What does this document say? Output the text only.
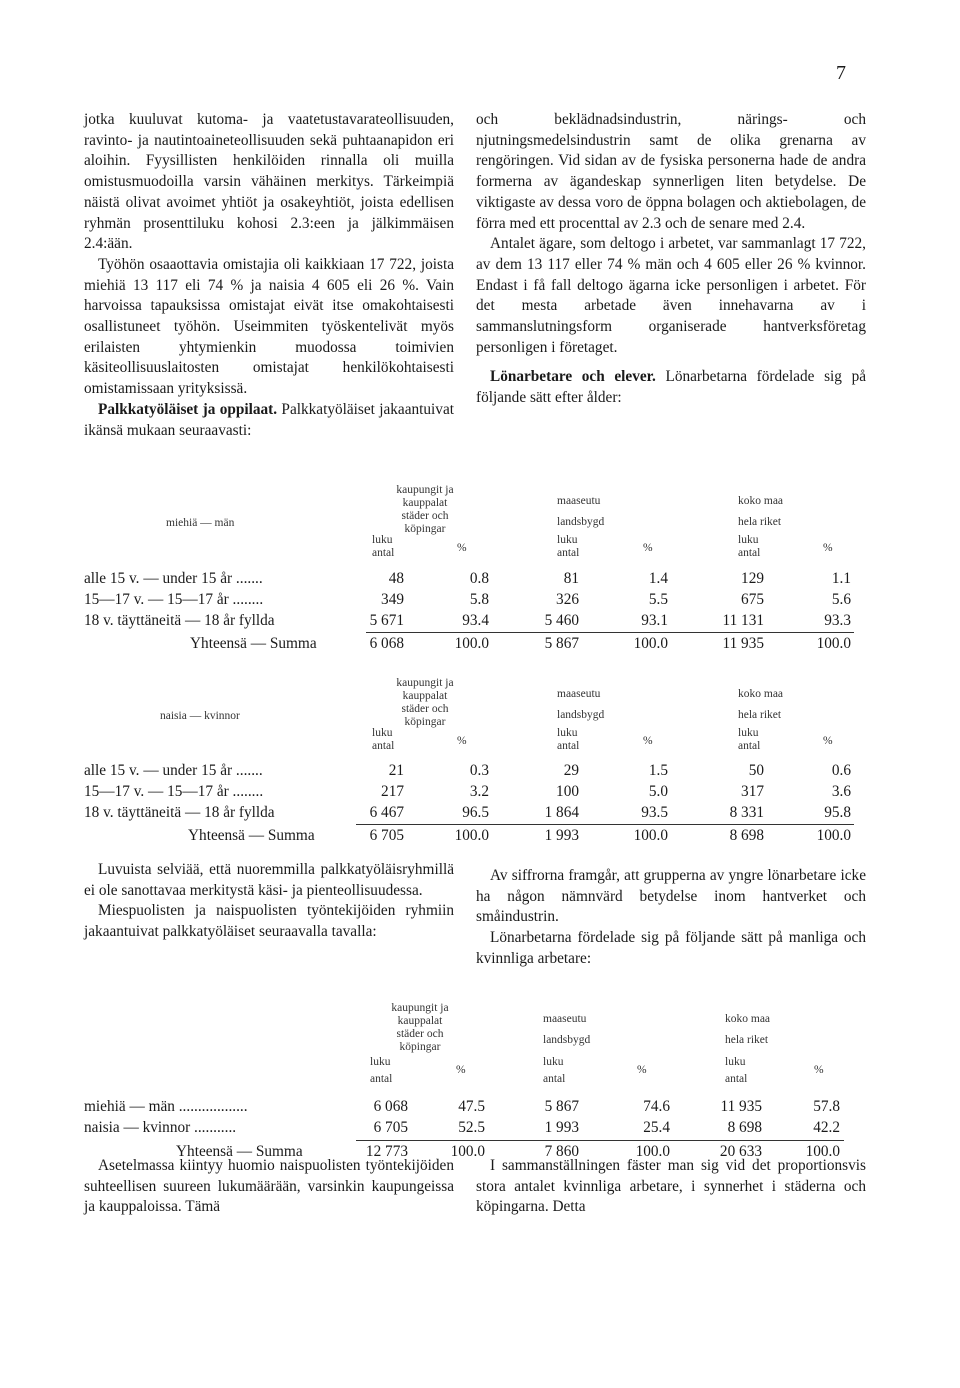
7

jotka kuuluvat kutoma- ja vaatetustavarateollisuuden, ravinto- ja nautintoaineteollisuuden sekä puhtaanapidon eri aloihin. Fyysillisten henkilöiden rinnalla oli muilla omistusmuodoilla varsin vähäinen merkitys. Tärkeimpiä näistä olivat avoimet yhtiöt ja osakeyhtiöt, joista edellisen ryhmän prosenttiluku kohosi 2.3:een ja jälkimmäisen 2.4:ään.

Työhön osaaottavia omistajia oli kaikkiaan 17 722, joista miehiä 13 117 eli 74 % ja naisia 4 605 eli 26 %. Vain harvoissa tapauksissa omistajat eivät itse omakohtaisesti osallistuneet työhön. Useimmiten työskentelivät myös erilaisten yhtymienkin muodossa toimivien käsiteollisuuslaitosten omistajat henkilökohtaisesti omistamissaan yrityksissä.

Palkkatyöläiset ja oppilaat. Palkkatyöläiset jakaantuivat ikänsä mukaan seuraavasti:

och beklädnadsindustrin, närings- och njutningsmedelsindustrin samt de olika grenarna av rengöringen. Vid sidan av de fysiska personerna hade de andra formerna av ägandeskap synnerligen liten betydelse. De viktigaste av dessa voro de öppna bolagen och aktiebolagen, de förra med ett procenttal av 2.3 och de senare med 2.4.

Antalet ägare, som deltogo i arbetet, var sammanlagt 17 722, av dem 13 117 eller 74 % män och 4 605 eller 26 % kvinnor. Endast i få fall deltogo ägarna icke personligen i arbetet. För det mesta arbetade även innehavarna av i sammanslutningsform organiserade hantverksföretag personligen i företaget.

Lönarbetare och elever. Lönarbetarna fördelade sig på följande sätt efter ålder:

miehiä — män
kaupungit ja
kauppalat
städer och
köpingar
luku
antal	%
maaseutu
landsbygd
luku
antal	%
koko maa
hela riket
luku
antal	%
alle 15 v. — under 15 år .......	48	0.8	81	1.4	129	1.1
15—17 v. — 15—17 år ........	349	5.8	326	5.5	675	5.6
18 v. täyttäneitä — 18 år fyllda	5 671	93.4	5 460	93.1	11 131	93.3
Yhteensä — Summa	6 068	100.0	5 867	100.0	11 935	100.0
naisia — kvinnor
kaupungit ja
kauppalat
städer och
köpingar
luku
antal	%
maaseutu
landsbygd
luku
antal	%
koko maa
hela riket
luku
antal	%
alle 15 v. — under 15 år .......	21	0.3	29	1.5	50	0.6
15—17 v. — 15—17 år ........	217	3.2	100	5.0	317	3.6
18 v. täyttäneitä — 18 år fyllda	6 467	96.5	1 864	93.5	8 331	95.8
Yhteensä — Summa	6 705	100.0	1 993	100.0	8 698	100.0

Luvuista selviää, että nuoremmilla palkkatyöläisryhmillä ei ole sanottavaa merkitystä käsi- ja pienteollisuudessa.

Miespuolisten ja naispuolisten työntekijöiden ryhmiin jakaantuivat palkkatyöläiset seuraavalla tavalla:

Av siffrorna framgår, att grupperna av yngre lönarbetare icke ha någon nämnvärd betydelse inom hantverket och småindustrin.

Lönarbetarna fördelade sig på följande sätt på manliga och kvinnliga arbetare:

kaupungit ja
kauppalat
städer och
köpingar
luku
antal
%
maaseutu
landsbygd
luku
antal
%
koko maa
hela riket
luku
antal
%
miehiä — män ..................	6 068	47.5	5 867	74.6	11 935	57.8
naisia — kvinnor ...........	6 705	52.5	1 993	25.4	8 698	42.2
Yhteensä — Summa	12 773	100.0	7 860	100.0	20 633	100.0

Asetelmassa kiintyy huomio naispuolisten työntekijöiden suhteellisen suureen lukumäärään, varsinkin kaupungeissa ja kauppaloissa. Tämä

I sammanställningen fäster man sig vid det proportionsvis stora antalet kvinnliga arbetare, i synnerhet i städerna och köpingarna. Detta
